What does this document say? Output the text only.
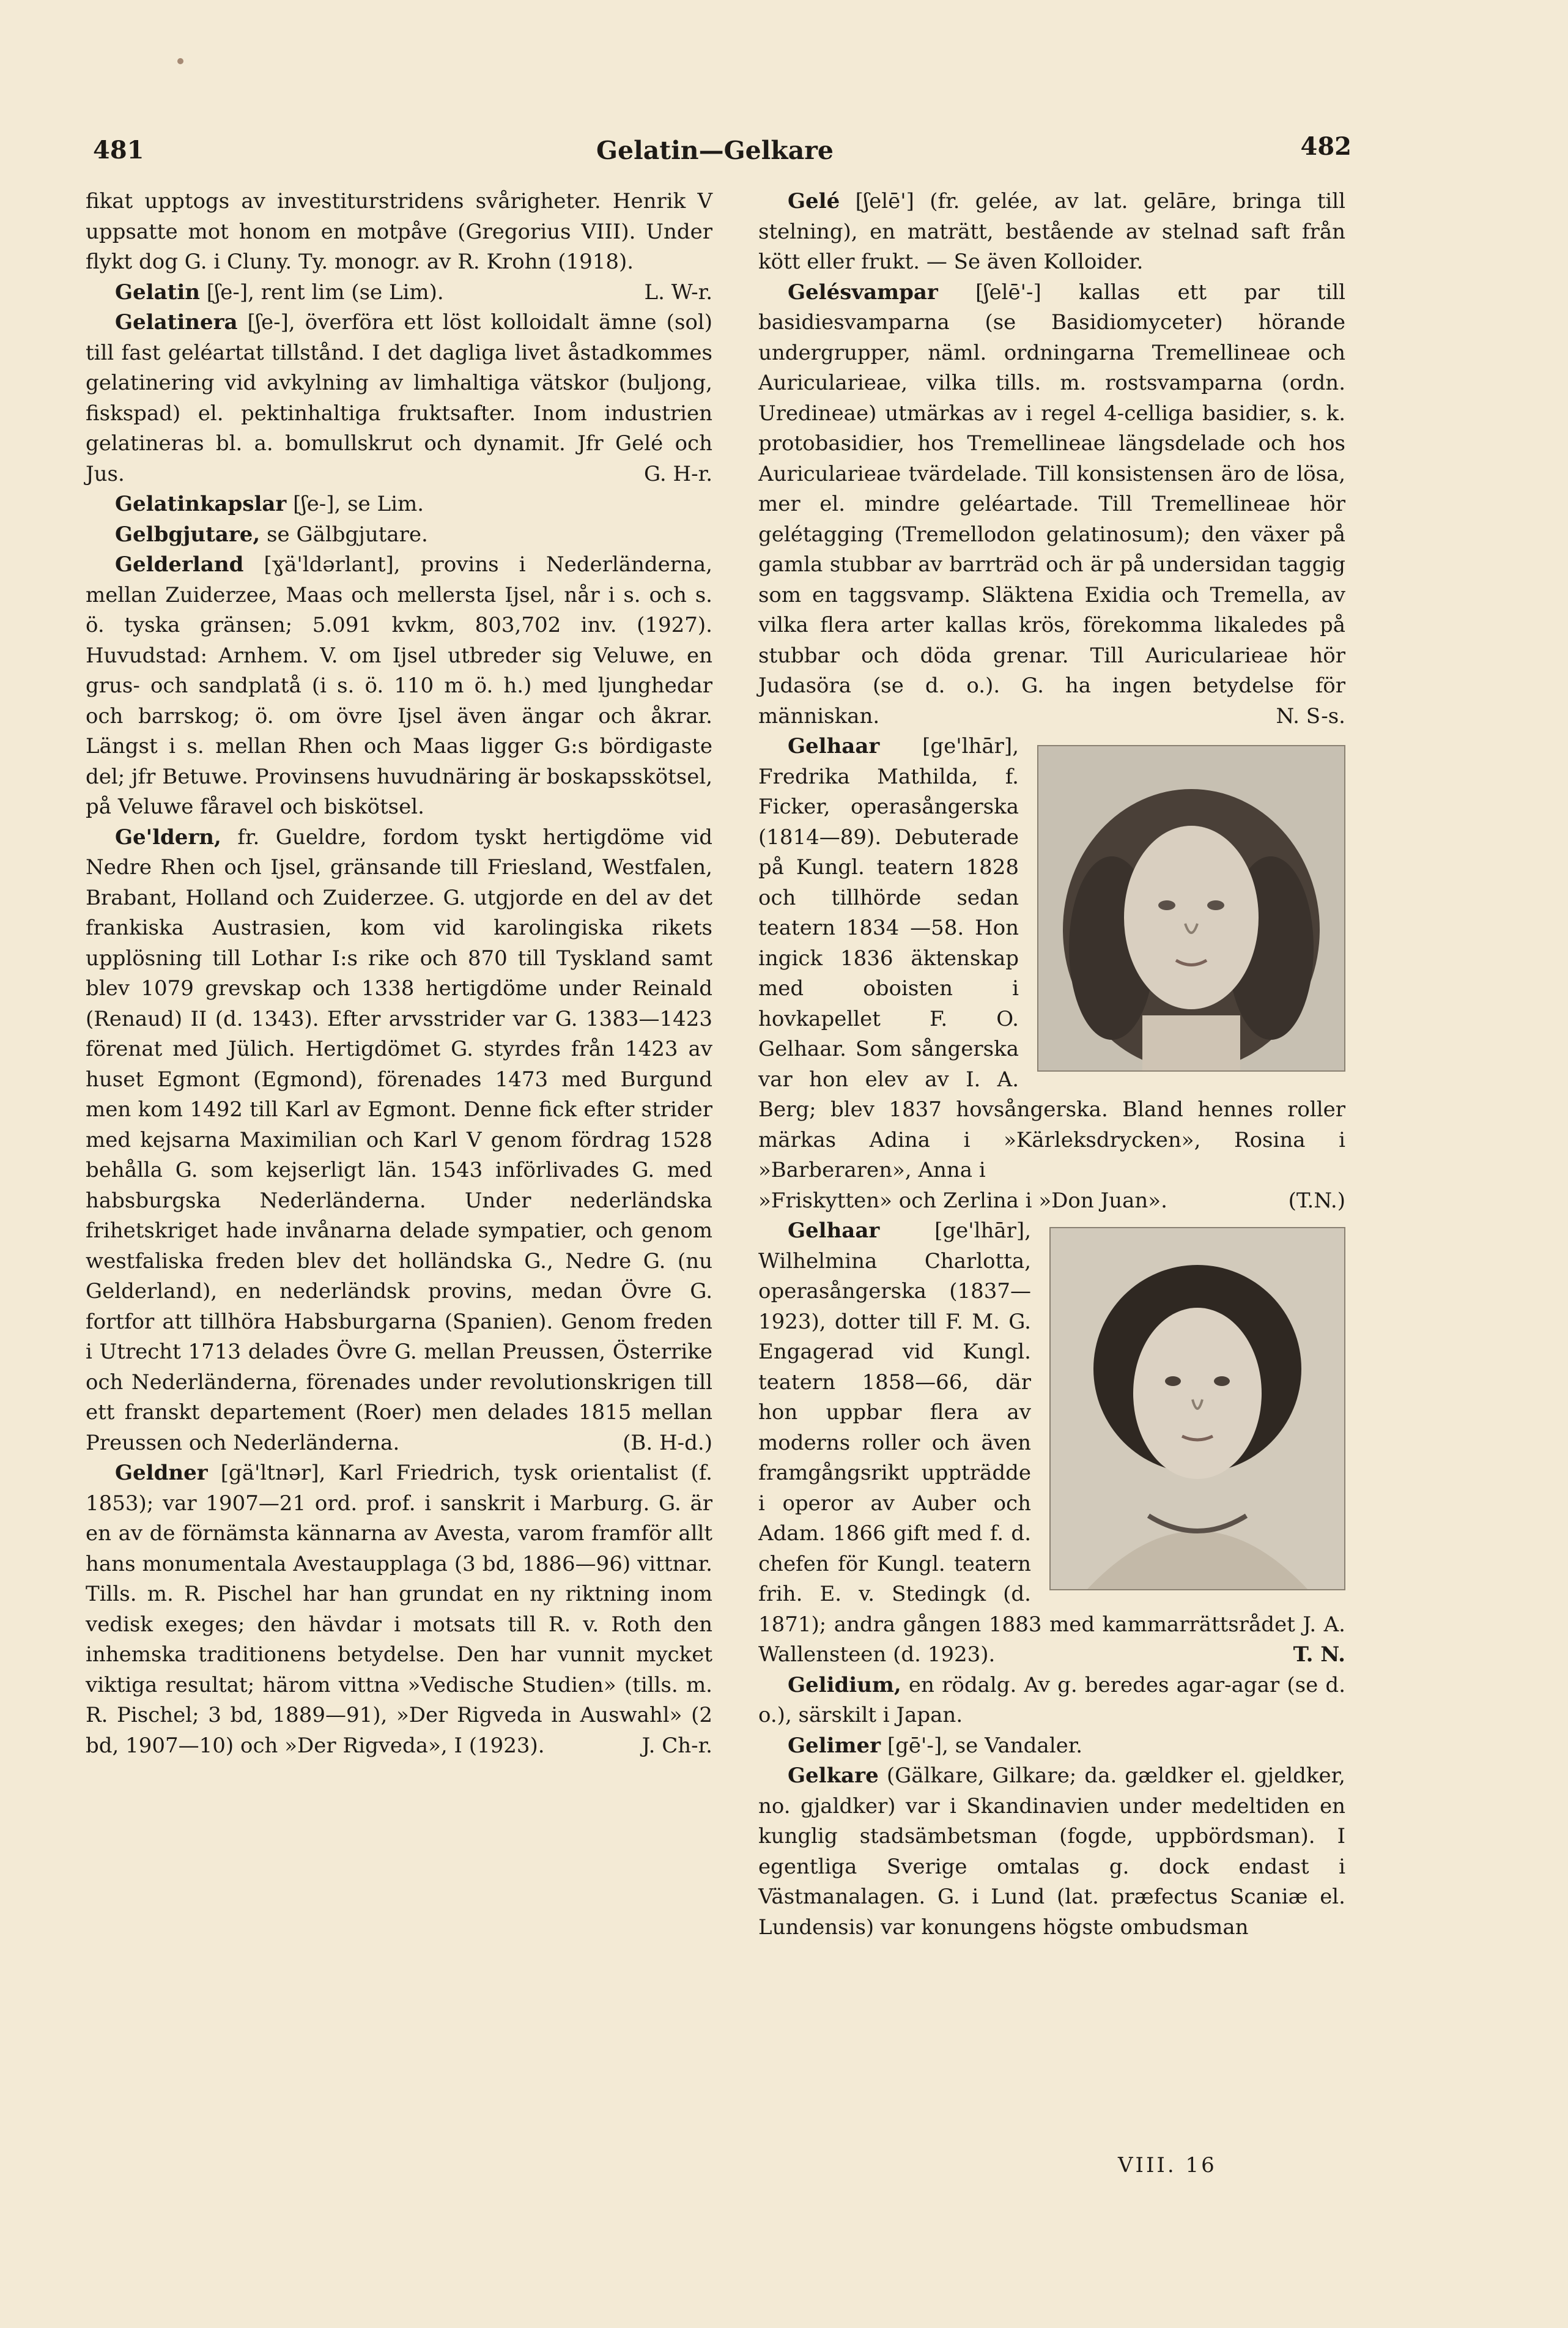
481	Gelatin—Gelkare	482

fikat upptogs av investiturstridens svårigheter. Henrik V uppsatte mot honom en motpåve (Gregorius VIII). Under flykt dog G. i Cluny. Ty. monogr. av R. Krohn (1918).
L. W-r.

Gelatin [ʃe-], rent lim (se Lim).

Gelatinera [ʃe-], överföra ett löst kolloidalt ämne (sol) till fast geléartat tillstånd. I det dagliga livet åstadkommes gelatinering vid avkylning av limhaltiga vätskor (buljong, fiskspad) el. pektinhaltiga fruktsafter. Inom industrien gelatineras bl. a. bomullskrut och dynamit. Jfr Gelé och Jus.	G. H-r.

Gelatinkapslar [ʃe-], se Lim.

Gelbgjutare, se Gälbgjutare.

Gelderland [ɣä'ldərlant], provins i Nederländerna, mellan Zuiderzee, Maas och mellersta Ijsel, når i s. och s. ö. tyska gränsen; 5.091 kvkm, 803,702 inv. (1927). Huvudstad: Arnhem. V. om Ijsel utbreder sig Veluwe, en grus- och sandplatå (i s. ö. 110 m ö. h.) med ljunghedar och barrskog; ö. om övre Ijsel även ängar och åkrar. Längst i s. mellan Rhen och Maas ligger G:s bördigaste del; jfr Betuwe. Provinsens huvudnäring är boskapsskötsel, på Veluwe fåravel och biskötsel.

Ge'ldern, fr. Gueldre, fordom tyskt hertigdöme vid Nedre Rhen och Ijsel, gränsande till Friesland, Westfalen, Brabant, Holland och Zuiderzee. G. utgjorde en del av det frankiska Austrasien, kom vid karolingiska rikets upplösning till Lothar I:s rike och 870 till Tyskland samt blev 1079 grevskap och 1338 hertigdöme under Reinald (Renaud) II (d. 1343). Efter arvsstrider var G. 1383—1423 förenat med Jülich. Hertigdömet G. styrdes från 1423 av huset Egmont (Egmond), förenades 1473 med Burgund men kom 1492 till Karl av Egmont. Denne fick efter strider med kejsarna Maximilian och Karl V genom fördrag 1528 behålla G. som kejserligt län. 1543 införlivades G. med habsburgska Nederländerna. Under nederländska frihetskriget hade invånarna delade sympatier, och genom westfaliska freden blev det holländska G., Nedre G. (nu Gelderland), en nederländsk provins, medan Övre G. fortfor att tillhöra Habsburgarna (Spanien). Genom freden i Utrecht 1713 delades Övre G. mellan Preussen, Österrike och Nederländerna, förenades under revolutionskrigen till ett franskt departement (Roer) men delades 1815 mellan Preussen och Nederländerna.	(B. H-d.)

Geldner [gä'ltnər], Karl Friedrich, tysk orientalist (f. 1853); var 1907—21 ord. prof. i sanskrit i Marburg. G. är en av de förnämsta kännarna av Avesta, varom framför allt hans monumentala Avestaupplaga (3 bd, 1886—96) vittnar. Tills. m. R. Pischel har han grundat en ny riktning inom vedisk exeges; den hävdar i motsats till R. v. Roth den inhemska traditionens betydelse. Den har vunnit mycket viktiga resultat; härom vittna »Vedische Studien» (tills. m. R. Pischel; 3 bd, 1889—91), »Der Rigveda in Auswahl» (2 bd, 1907—10) och »Der Rigveda», I (1923).	J. Ch-r.

Gelé [ʃelē'] (fr. gelée, av lat. gelāre, bringa till stelning), en maträtt, bestående av stelnad saft från kött eller frukt. — Se även Kolloider.

Gelésvampar [ʃelē'-] kallas ett par till basidiesvamparna (se Basidiomyceter) hörande undergrupper, näml. ordningarna Tremellineae och Auriculariеae, vilka tills. m. rostsvamparna (ordn. Uredineae) utmärkas av i regel 4-celliga basidier, s. k. protobasidier, hos Tremellineae längsdelade och hos Auriculariеae tvärdelade. Till konsistensen äro de lösa, mer el. mindre geléartade. Till Tremellineae hör gelétagging (Tremellodon gelatinosum); den växer på gamla stubbar av barrträd och är på undersidan taggig som en taggsvamp. Släktena Exidia och Tremella, av vilka flera arter kallas krös, förekomma likaledes på stubbar och döda grenar. Till Auriculariеae hör Judasöra (se d. o.). G. ha ingen betydelse för människan.	N. S-s.

Gelhaar [ge'lhār], Fredrika Mathilda, f. Ficker, operasångerska (1814—89). Debuterade på Kungl. teatern 1828 och tillhörde sedan teatern 1834 —58. Hon ingick 1836 äktenskap med oboisten i hovkapellet F. O. Gelhaar. Som sångerska var hon elev av I. A. Berg; blev 1837 hovsångerska. Bland hennes roller märkas Adina i »Kärleksdrycken», Rosina i »Barberaren», Anna i

»Friskytten» och Zerlina i »Don Juan».	(T.N.)

Gelhaar [ge'lhār], Wilhelmina Charlotta, operasångerska (1837—1923), dotter till F. M. G. Engagerad vid Kungl. teatern 1858—66, där hon uppbar flera av moderns roller och även framgångsrikt uppträdde i operor av Auber och Adam. 1866 gift med f. d. chefen för Kungl. teatern frih. E. v. Stedingk (d. 1871); andra gången 1883 med kammarrättsrådet J. A. Wallensteen (d. 1923).	T. N.

Gelidium, en rödalg. Av g. beredes agar-agar (se d. o.), särskilt i Japan.

Gelimer [gē'-], se Vandaler.

Gelkare (Gälkare, Gilkare; da. gældker el. gjeldker, no. gjaldker) var i Skandinavien under medeltiden en kunglig stadsämbetsman (fogde, uppbördsman). I egentliga Sverige omtalas g. dock endast i Västmanalagen. G. i Lund (lat. præfectus Scaniæ el. Lundensis) var konungens högste ombudsman

VIII. 16
